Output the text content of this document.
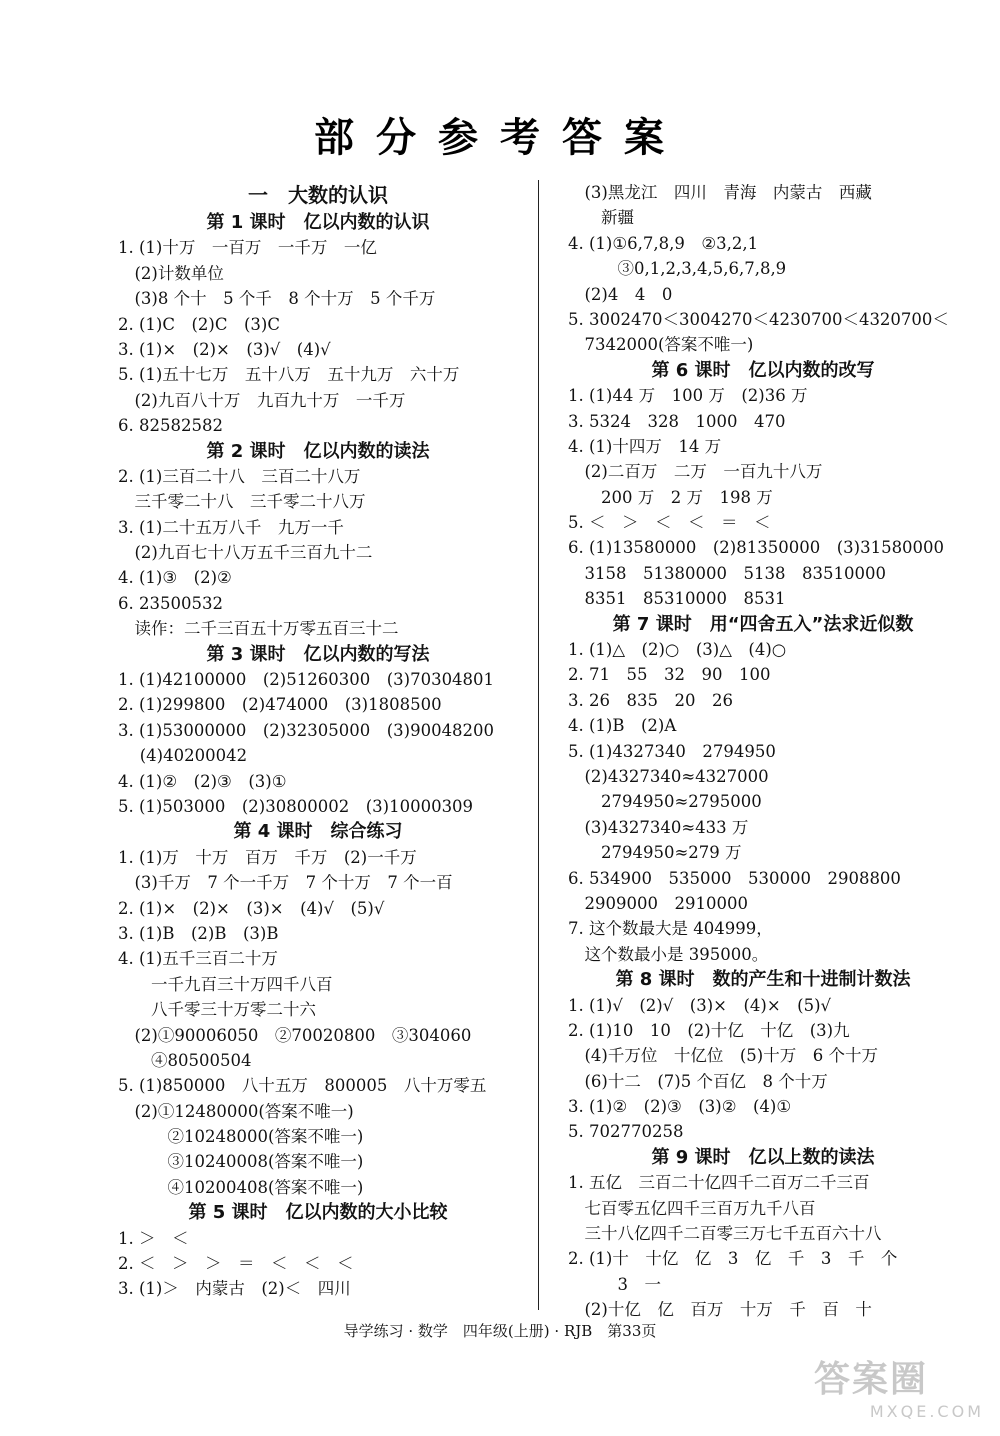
部分参考答案
一　大数的认识
第 1 课时　亿以内数的认识
1. (1)十万　一百万　一千万　一亿
　(2)计数单位
　(3)8 个十　5 个千　8 个十万　5 个千万
2. (1)C　(2)C　(3)C
3. (1)×　(2)×　(3)√　(4)√
5. (1)五十七万　五十八万　五十九万　六十万
　(2)九百八十万　九百九十万　一千万
6. 82582582
第 2 课时　亿以内数的读法
2. (1)三百二十八　三百二十八万
　三千零二十八　三千零二十八万
3. (1)二十五万八千　九万一千
　(2)九百七十八万五千三百九十二
4. (1)③　(2)②
6. 23500532
　读作：二千三百五十万零五百三十二
第 3 课时　亿以内数的写法
1. (1)42100000　(2)51260300　(3)70304801
2. (1)299800　(2)474000　(3)1808500
3. (1)53000000　(2)32305000　(3)90048200
　 (4)40200042
4. (1)②　(2)③　(3)①
5. (1)503000　(2)30800002　(3)10000309
第 4 课时　综合练习
1. (1)万　十万　百万　千万　(2)一千万
　(3)千万　7 个一千万　7 个十万　7 个一百
2. (1)×　(2)×　(3)×　(4)√　(5)√
3. (1)B　(2)B　(3)B
4. (1)五千三百二十万
　　一千九百三十万四千八百
　　八千零三十万零二十六
　(2)①90006050　②70020800　③304060
　　④80500504
5. (1)850000　八十五万　800005　八十万零五
　(2)①12480000(答案不唯一)
　　　②10248000(答案不唯一)
　　　③10240008(答案不唯一)
　　　④10200408(答案不唯一)
第 5 课时　亿以内数的大小比较
1. ＞　＜
2. ＜　＞　＞　＝　＜　＜　＜
3. (1)＞　内蒙古　(2)＜　四川
　(3)黑龙江　四川　青海　内蒙古　西藏
　　新疆
4. (1)①6,7,8,9　②3,2,1
　　　③0,1,2,3,4,5,6,7,8,9
　(2)4　4　0
5. 3002470＜3004270＜4230700＜4320700＜
　7342000(答案不唯一)
第 6 课时　亿以内数的改写
1. (1)44 万　100 万　(2)36 万
3. 5324　328　1000　470
4. (1)十四万　14 万
　(2)二百万　二万　一百九十八万
　　200 万　2 万　198 万
5. ＜　＞　＜　＜　＝　＜
6. (1)13580000　(2)81350000　(3)31580000
　3158　51380000　5138　83510000
　8351　85310000　8531
第 7 课时　用“四舍五入”法求近似数
1. (1)△　(2)○　(3)△　(4)○
2. 71　55　32　90　100
3. 26　835　20　26
4. (1)B　(2)A
5. (1)4327340　2794950
　(2)4327340≈4327000
　　2794950≈2795000
　(3)4327340≈433 万
　　2794950≈279 万
6. 534900　535000　530000　2908800
　2909000　2910000
7. 这个数最大是 404999，
　这个数最小是 395000。
第 8 课时　数的产生和十进制计数法
1. (1)√　(2)√　(3)×　(4)×　(5)√
2. (1)10　10　(2)十亿　十亿　(3)九
　(4)千万位　十亿位　(5)十万　6 个十万
　(6)十二　(7)5 个百亿　8 个十万
3. (1)②　(2)③　(3)②　(4)①
5. 702770258
第 9 课时　亿以上数的读法
1. 五亿　三百二十亿四千二百万二千三百
　七百零五亿四千三百万九千八百
　三十八亿四千二百零三万七千五百六十八
2. (1)十　十亿　亿　3　亿　千　3　千　个
　　　3　一
　(2)十亿　亿　百万　十万　千　百　十
导学练习 · 数学　四年级(上册) · RJB　第33页
答案圈
MXQE.COM
